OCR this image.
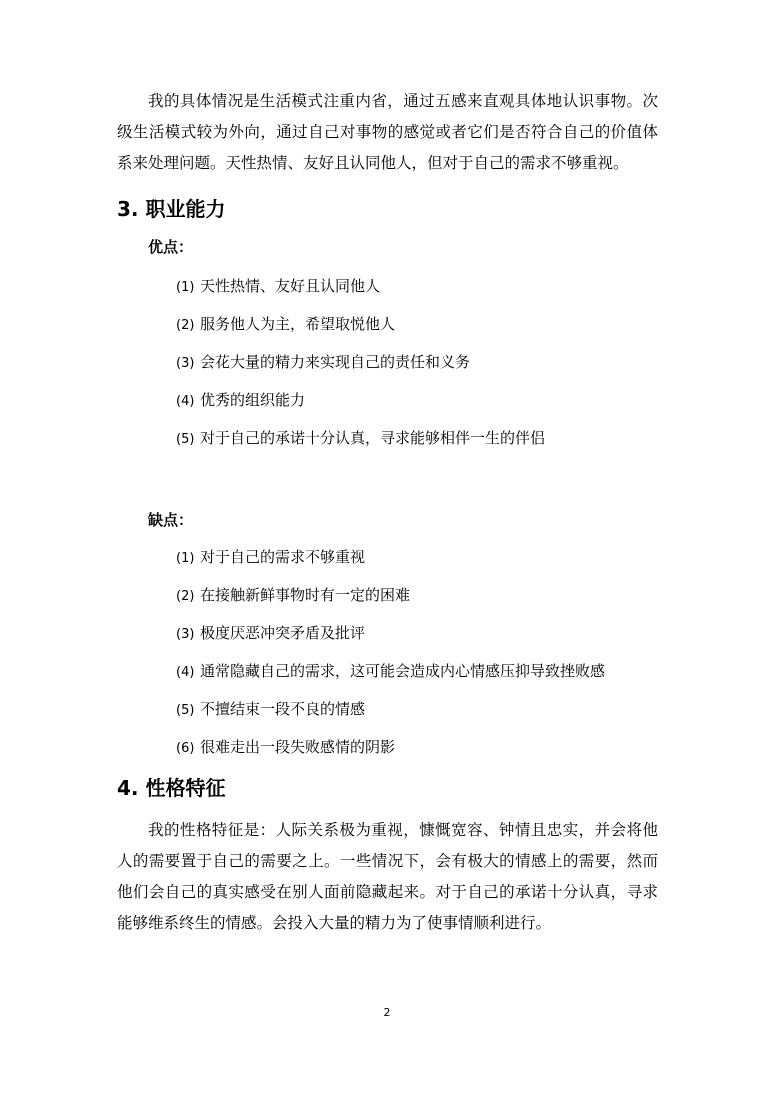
我的具体情况是生活模式注重内省，通过五感来直观具体地认识事物。次级生活模式较为外向，通过自己对事物的感觉或者它们是否符合自己的价值体系来处理问题。天性热情、友好且认同他人，但对于自己的需求不够重视。

3. 职业能力
优点：
(1) 天性热情、友好且认同他人
(2) 服务他人为主，希望取悦他人
(3) 会花大量的精力来实现自己的责任和义务
(4) 优秀的组织能力
(5) 对于自己的承诺十分认真，寻求能够相伴一生的伴侣
缺点：
(1) 对于自己的需求不够重视
(2) 在接触新鲜事物时有一定的困难
(3) 极度厌恶冲突矛盾及批评
(4) 通常隐藏自己的需求，这可能会造成内心情感压抑导致挫败感
(5) 不擅结束一段不良的情感
(6) 很难走出一段失败感情的阴影
4. 性格特征

我的性格特征是：人际关系极为重视，慷慨宽容、钟情且忠实，并会将他人的需要置于自己的需要之上。一些情况下，会有极大的情感上的需要，然而他们会自己的真实感受在别人面前隐藏起来。对于自己的承诺十分认真，寻求能够维系终生的情感。会投入大量的精力为了使事情顺利进行。

2
